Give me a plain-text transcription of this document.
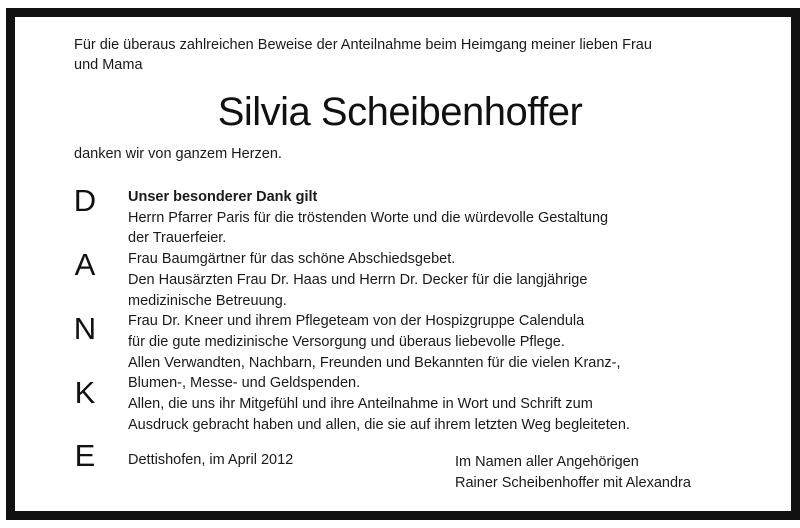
Für die überaus zahlreichen Beweise der Anteilnahme beim Heimgang meiner lieben Frau
und Mama
Silvia Scheibenhoffer
danken wir von ganzem Herzen.
D
A
N
K
E
Unser besonderer Dank gilt
Herrn Pfarrer Paris für die tröstenden Worte und die würdevolle Gestaltung
der Trauerfeier.
Frau Baumgärtner für das schöne Abschiedsgebet.
Den Hausärzten Frau Dr. Haas und Herrn Dr. Decker für die langjährige
medizinische Betreuung.
Frau Dr. Kneer und ihrem Pflegeteam von der Hospizgruppe Calendula
für die gute medizinische Versorgung und überaus liebevolle Pflege.
Allen Verwandten, Nachbarn, Freunden und Bekannten für die vielen Kranz-,
Blumen-, Messe- und Geldspenden.
Allen, die uns ihr Mitgefühl und ihre Anteilnahme in Wort und Schrift zum
Ausdruck gebracht haben und allen, die sie auf ihrem letzten Weg begleiteten.
Dettishofen, im April 2012	Im Namen aller Angehörigen
Rainer Scheibenhoffer mit Alexandra
